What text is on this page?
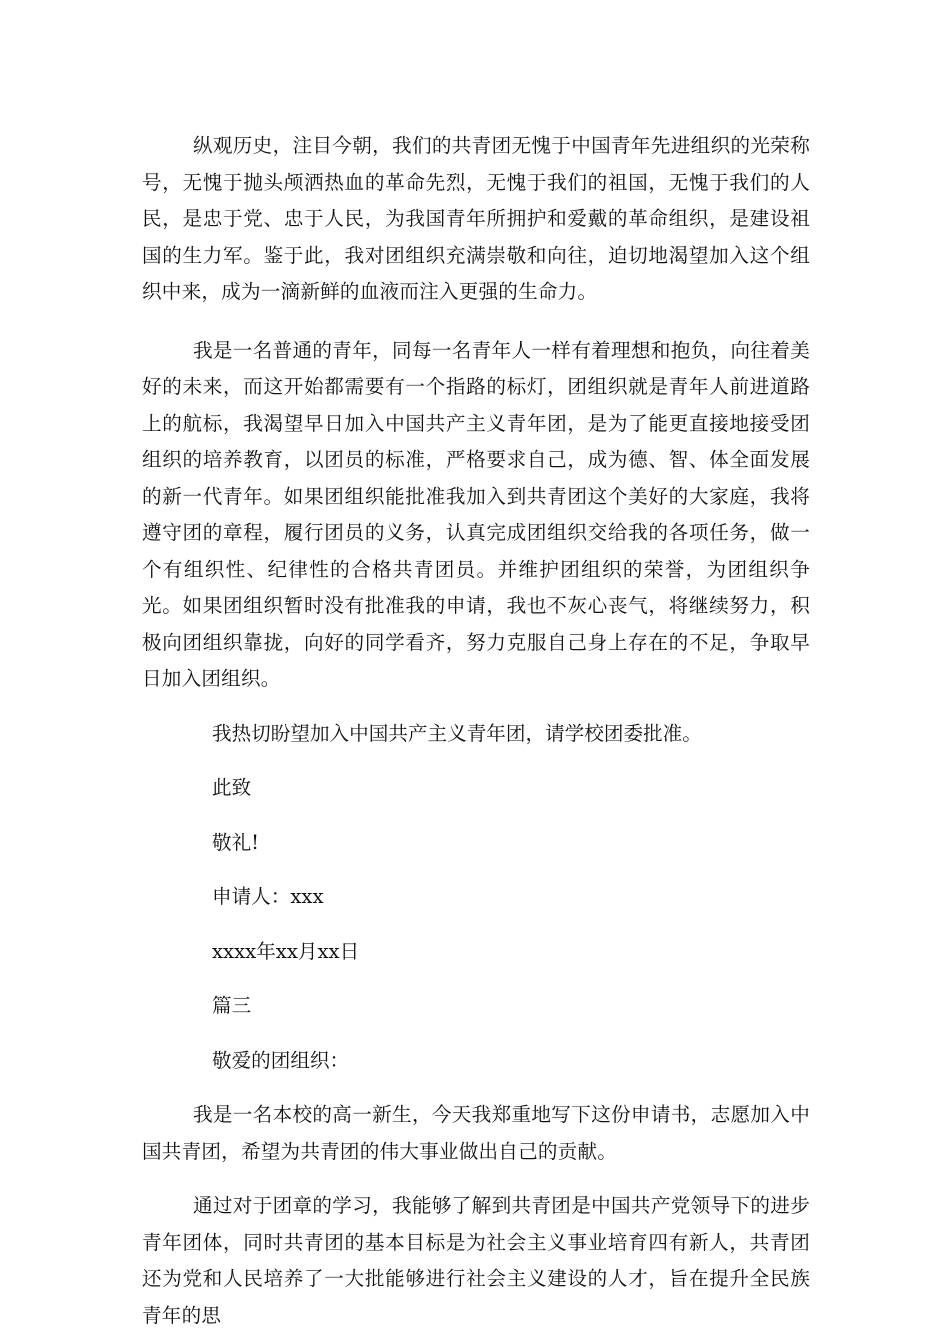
纵观历史，注目今朝，我们的共青团无愧于中国青年先进组织的光荣称号，无愧于抛头颅洒热血的革命先烈，无愧于我们的祖国，无愧于我们的人民，是忠于党、忠于人民，为我国青年所拥护和爱戴的革命组织，是建设祖国的生力军。鉴于此，我对团组织充满崇敬和向往，迫切地渴望加入这个组织中来，成为一滴新鲜的血液而注入更强的生命力。

我是一名普通的青年，同每一名青年人一样有着理想和抱负，向往着美好的未来，而这开始都需要有一个指路的标灯，团组织就是青年人前进道路上的航标，我渴望早日加入中国共产主义青年团，是为了能更直接地接受团组织的培养教育，以团员的标准，严格要求自己，成为德、智、体全面发展的新一代青年。如果团组织能批准我加入到共青团这个美好的大家庭，我将遵守团的章程，履行团员的义务，认真完成团组织交给我的各项任务，做一个有组织性、纪律性的合格共青团员。并维护团组织的荣誉，为团组织争光。如果团组织暂时没有批准我的申请，我也不灰心丧气，将继续努力，积极向团组织靠拢，向好的同学看齐，努力克服自己身上存在的不足，争取早日加入团组织。

我热切盼望加入中国共产主义青年团，请学校团委批准。

此致

敬礼!

申请人：xxx

xxxx年xx月xx日

篇三

敬爱的团组织：

我是一名本校的高一新生，今天我郑重地写下这份申请书，志愿加入中国共青团，希望为共青团的伟大事业做出自己的贡献。

通过对于团章的学习，我能够了解到共青团是中国共产党领导下的进步青年团体，同时共青团的基本目标是为社会主义事业培育四有新人，共青团还为党和人民培养了一大批能够进行社会主义建设的人才，旨在提升全民族青年的思
